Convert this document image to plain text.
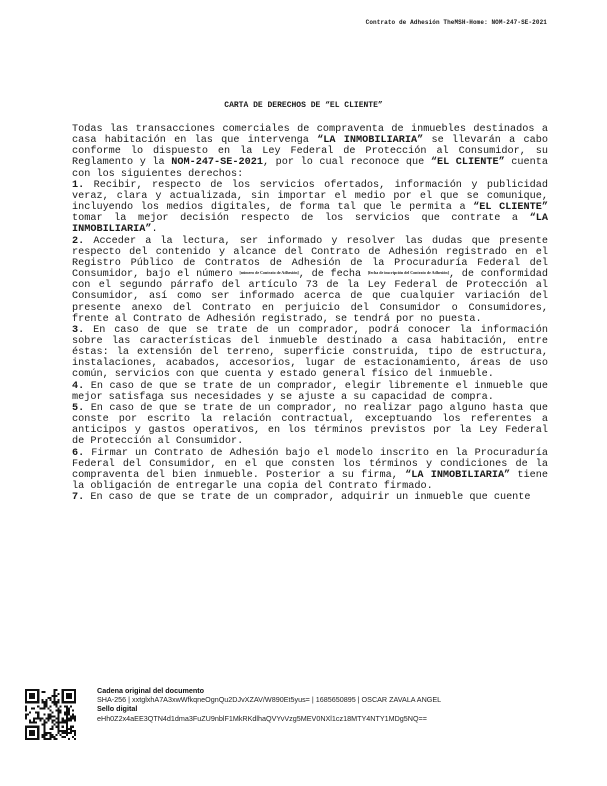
Contrato de Adhesión TheMSH-Home: NOM-247-SE-2021
CARTA DE DERECHOS DE “EL CLIENTE”

Todas las transacciones comerciales de compraventa de inmuebles destinados a casa habitación en las que intervenga “LA INMOBILIARIA” se llevarán a cabo conforme lo dispuesto en la Ley Federal de Protección al Consumidor, su Reglamento y la NOM-247-SE-2021, por lo cual reconoce que “EL CLIENTE” cuenta con los siguientes derechos:

1. Recibir, respecto de los servicios ofertados, información y publicidad veraz, clara y actualizada, sin importar el medio por el que se comunique, incluyendo los medios digitales, de forma tal que le permita a “EL CLIENTE” tomar la mejor decisión respecto de los servicios que contrate a “LA INMOBILIARIA”.

2. Acceder a la lectura, ser informado y resolver las dudas que presente respecto del contenido y alcance del Contrato de Adhesión registrado en el Registro Público de Contratos de Adhesión de la Procuraduría Federal del Consumidor, bajo el número [número de Contrato de Adhesión], de fecha [fecha de inscripción del Contrato de Adhesión], de conformidad con el segundo párrafo del artículo 73 de la Ley Federal de Protección al Consumidor, así como ser informado acerca de que cualquier variación del presente anexo del Contrato en perjuicio del Consumidor o Consumidores, frente al Contrato de Adhesión registrado, se tendrá por no puesta.

3. En caso de que se trate de un comprador, podrá conocer la información sobre las características del inmueble destinado a casa habitación, entre éstas: la extensión del terreno, superficie construida, tipo de estructura, instalaciones, acabados, accesorios, lugar de estacionamiento, áreas de uso común, servicios con que cuenta y estado general físico del inmueble.

4. En caso de que se trate de un comprador, elegir libremente el inmueble que mejor satisfaga sus necesidades y se ajuste a su capacidad de compra.

5. En caso de que se trate de un comprador, no realizar pago alguno hasta que conste por escrito la relación contractual, exceptuando los referentes a anticipos y gastos operativos, en los términos previstos por la Ley Federal de Protección al Consumidor.

6. Firmar un Contrato de Adhesión bajo el modelo inscrito en la Procuraduría Federal del Consumidor, en el que consten los términos y condiciones de la compraventa del bien inmueble. Posterior a su firma, “LA INMOBILIARIA” tiene la obligación de entregarle una copia del Contrato firmado.

7. En caso de que se trate de un comprador, adquirir un inmueble que cuente

Cadena original del documento
SHA-256 | xxtglxhA7A3xwWfkqneOgnQu2DJvXZAV/W890Et5yus= | 1685650895 | OSCAR ZAVALA ANGEL
Sello digital
eHh0Z2x4aEE3QTN4d1dma3FuZU9nblF1MkRKdlhaQVYvVzg5MEV0NXl1cz18MTY4NTY1MDg5NQ==
